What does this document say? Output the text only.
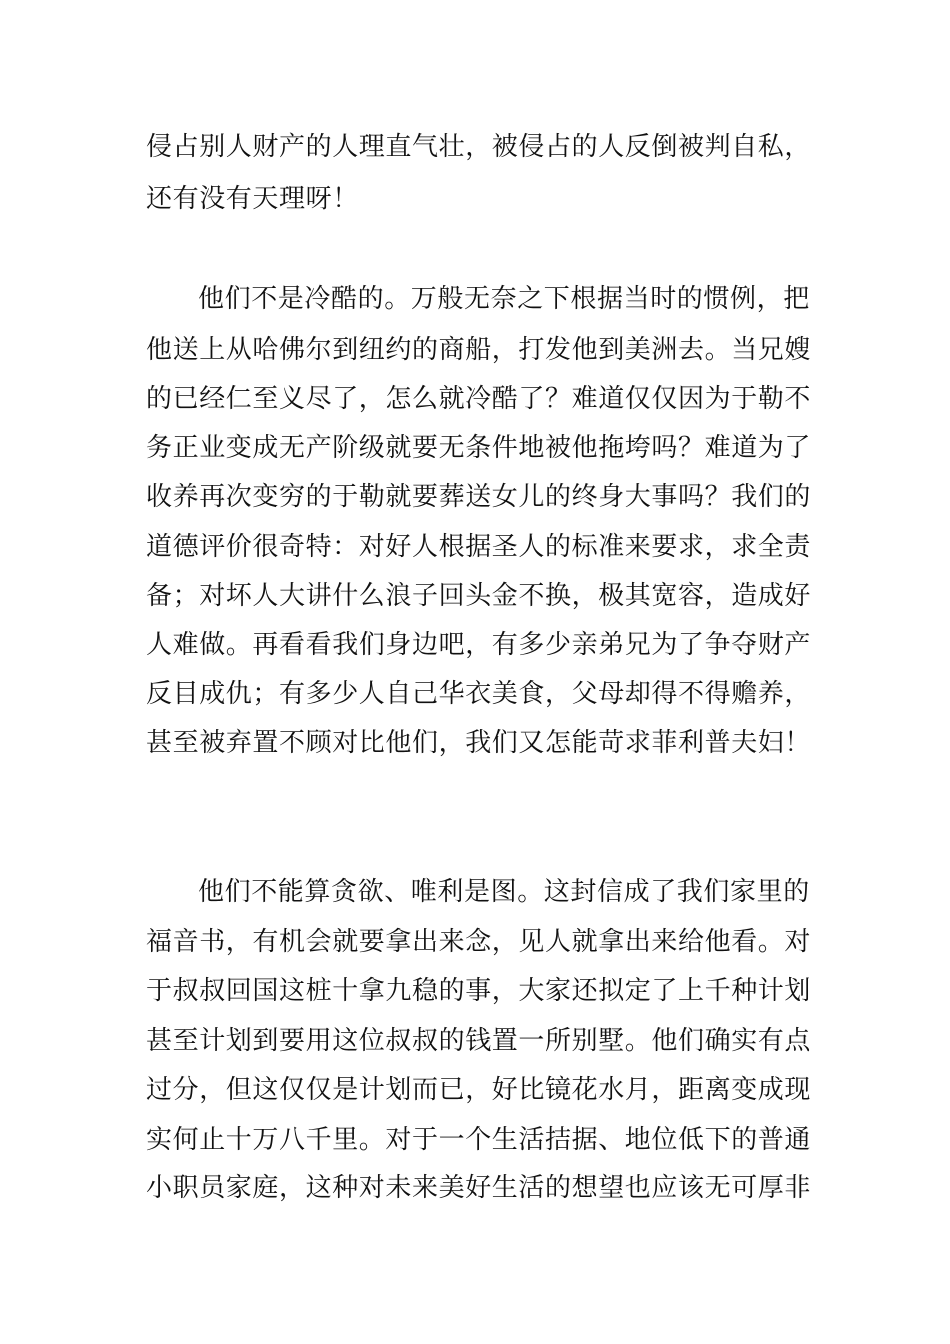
侵占别人财产的人理直气壮，被侵占的人反倒被判自私，
还有没有天理呀！
他们不是冷酷的。万般无奈之下根据当时的惯例，把
他送上从哈佛尔到纽约的商船，打发他到美洲去。当兄嫂
的已经仁至义尽了，怎么就冷酷了？难道仅仅因为于勒不
务正业变成无产阶级就要无条件地被他拖垮吗？难道为了
收养再次变穷的于勒就要葬送女儿的终身大事吗？我们的
道德评价很奇特：对好人根据圣人的标准来要求，求全责
备；对坏人大讲什么浪子回头金不换，极其宽容，造成好
人难做。再看看我们身边吧，有多少亲弟兄为了争夺财产
反目成仇；有多少人自己华衣美食，父母却得不得赡养，
甚至被弃置不顾对比他们，我们又怎能苛求菲利普夫妇！
他们不能算贪欲、唯利是图。这封信成了我们家里的
福音书，有机会就要拿出来念，见人就拿出来给他看。对
于叔叔回国这桩十拿九稳的事，大家还拟定了上千种计划
甚至计划到要用这位叔叔的钱置一所别墅。他们确实有点
过分，但这仅仅是计划而已，好比镜花水月，距离变成现
实何止十万八千里。对于一个生活拮据、地位低下的普通
小职员家庭，这种对未来美好生活的想望也应该无可厚非
